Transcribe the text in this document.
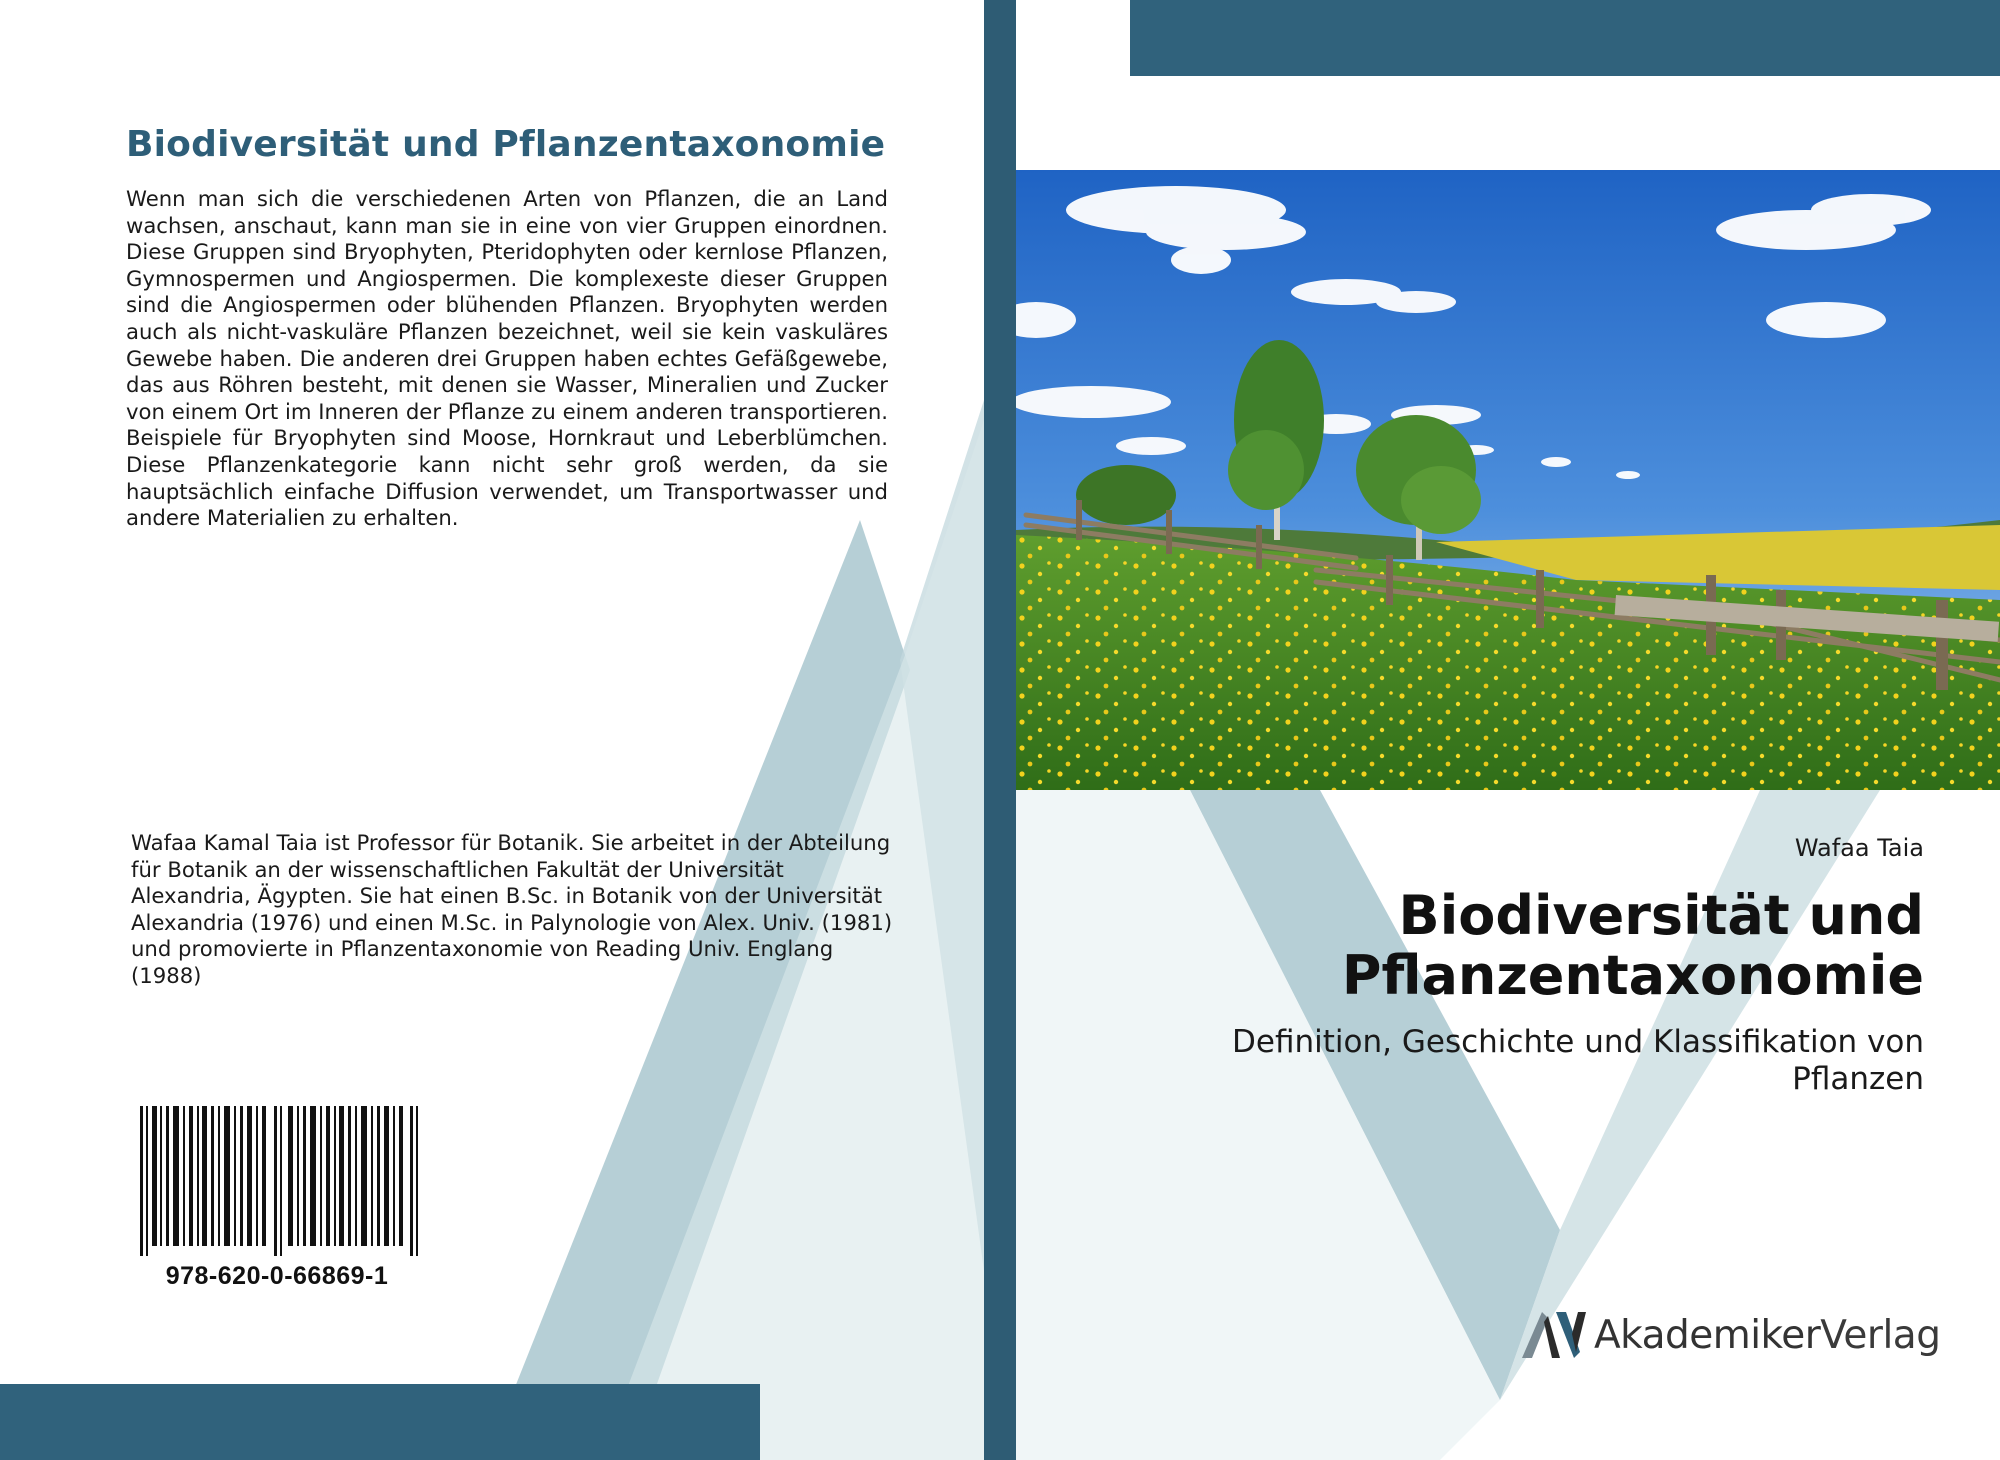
Biodiversität und Pflanzentaxonomie

Wenn man sich die verschiedenen Arten von Pflanzen, die an Land wachsen, anschaut, kann man sie in eine von vier Gruppen einordnen. Diese Gruppen sind Bryophyten, Pteridophyten oder kernlose Pflanzen, Gymnospermen und Angiospermen. Die komplexeste dieser Gruppen sind die Angiospermen oder blühenden Pflanzen. Bryophyten werden auch als nicht-vaskuläre Pflanzen bezeichnet, weil sie kein vaskuläres Gewebe haben. Die anderen drei Gruppen haben echtes Gefäßgewebe, das aus Röhren besteht, mit denen sie Wasser, Mineralien und Zucker von einem Ort im Inneren der Pflanze zu einem anderen transportieren. Beispiele für Bryophyten sind Moose, Hornkraut und Leberblümchen. Diese Pflanzenkategorie kann nicht sehr groß werden, da sie hauptsächlich einfache Diffusion verwendet, um Transportwasser und andere Materialien zu erhalten.

Wafaa Kamal Taia ist Professor für Botanik. Sie arbeitet in der Abteilung für Botanik an der wissenschaftlichen Fakultät der Universität Alexandria, Ägypten. Sie hat einen B.Sc. in Botanik von der Universität Alexandria (1976) und einen M.Sc. in Palynologie von Alex. Univ. (1981) und promovierte in Pflanzentaxonomie von Reading Univ. Englang (1988)

978-620-0-66869-1

Wafaa Taia

Biodiversität und Pflanzentaxonomie

Definition, Geschichte und Klassifikation von Pflanzen

AkademikerVerlag
